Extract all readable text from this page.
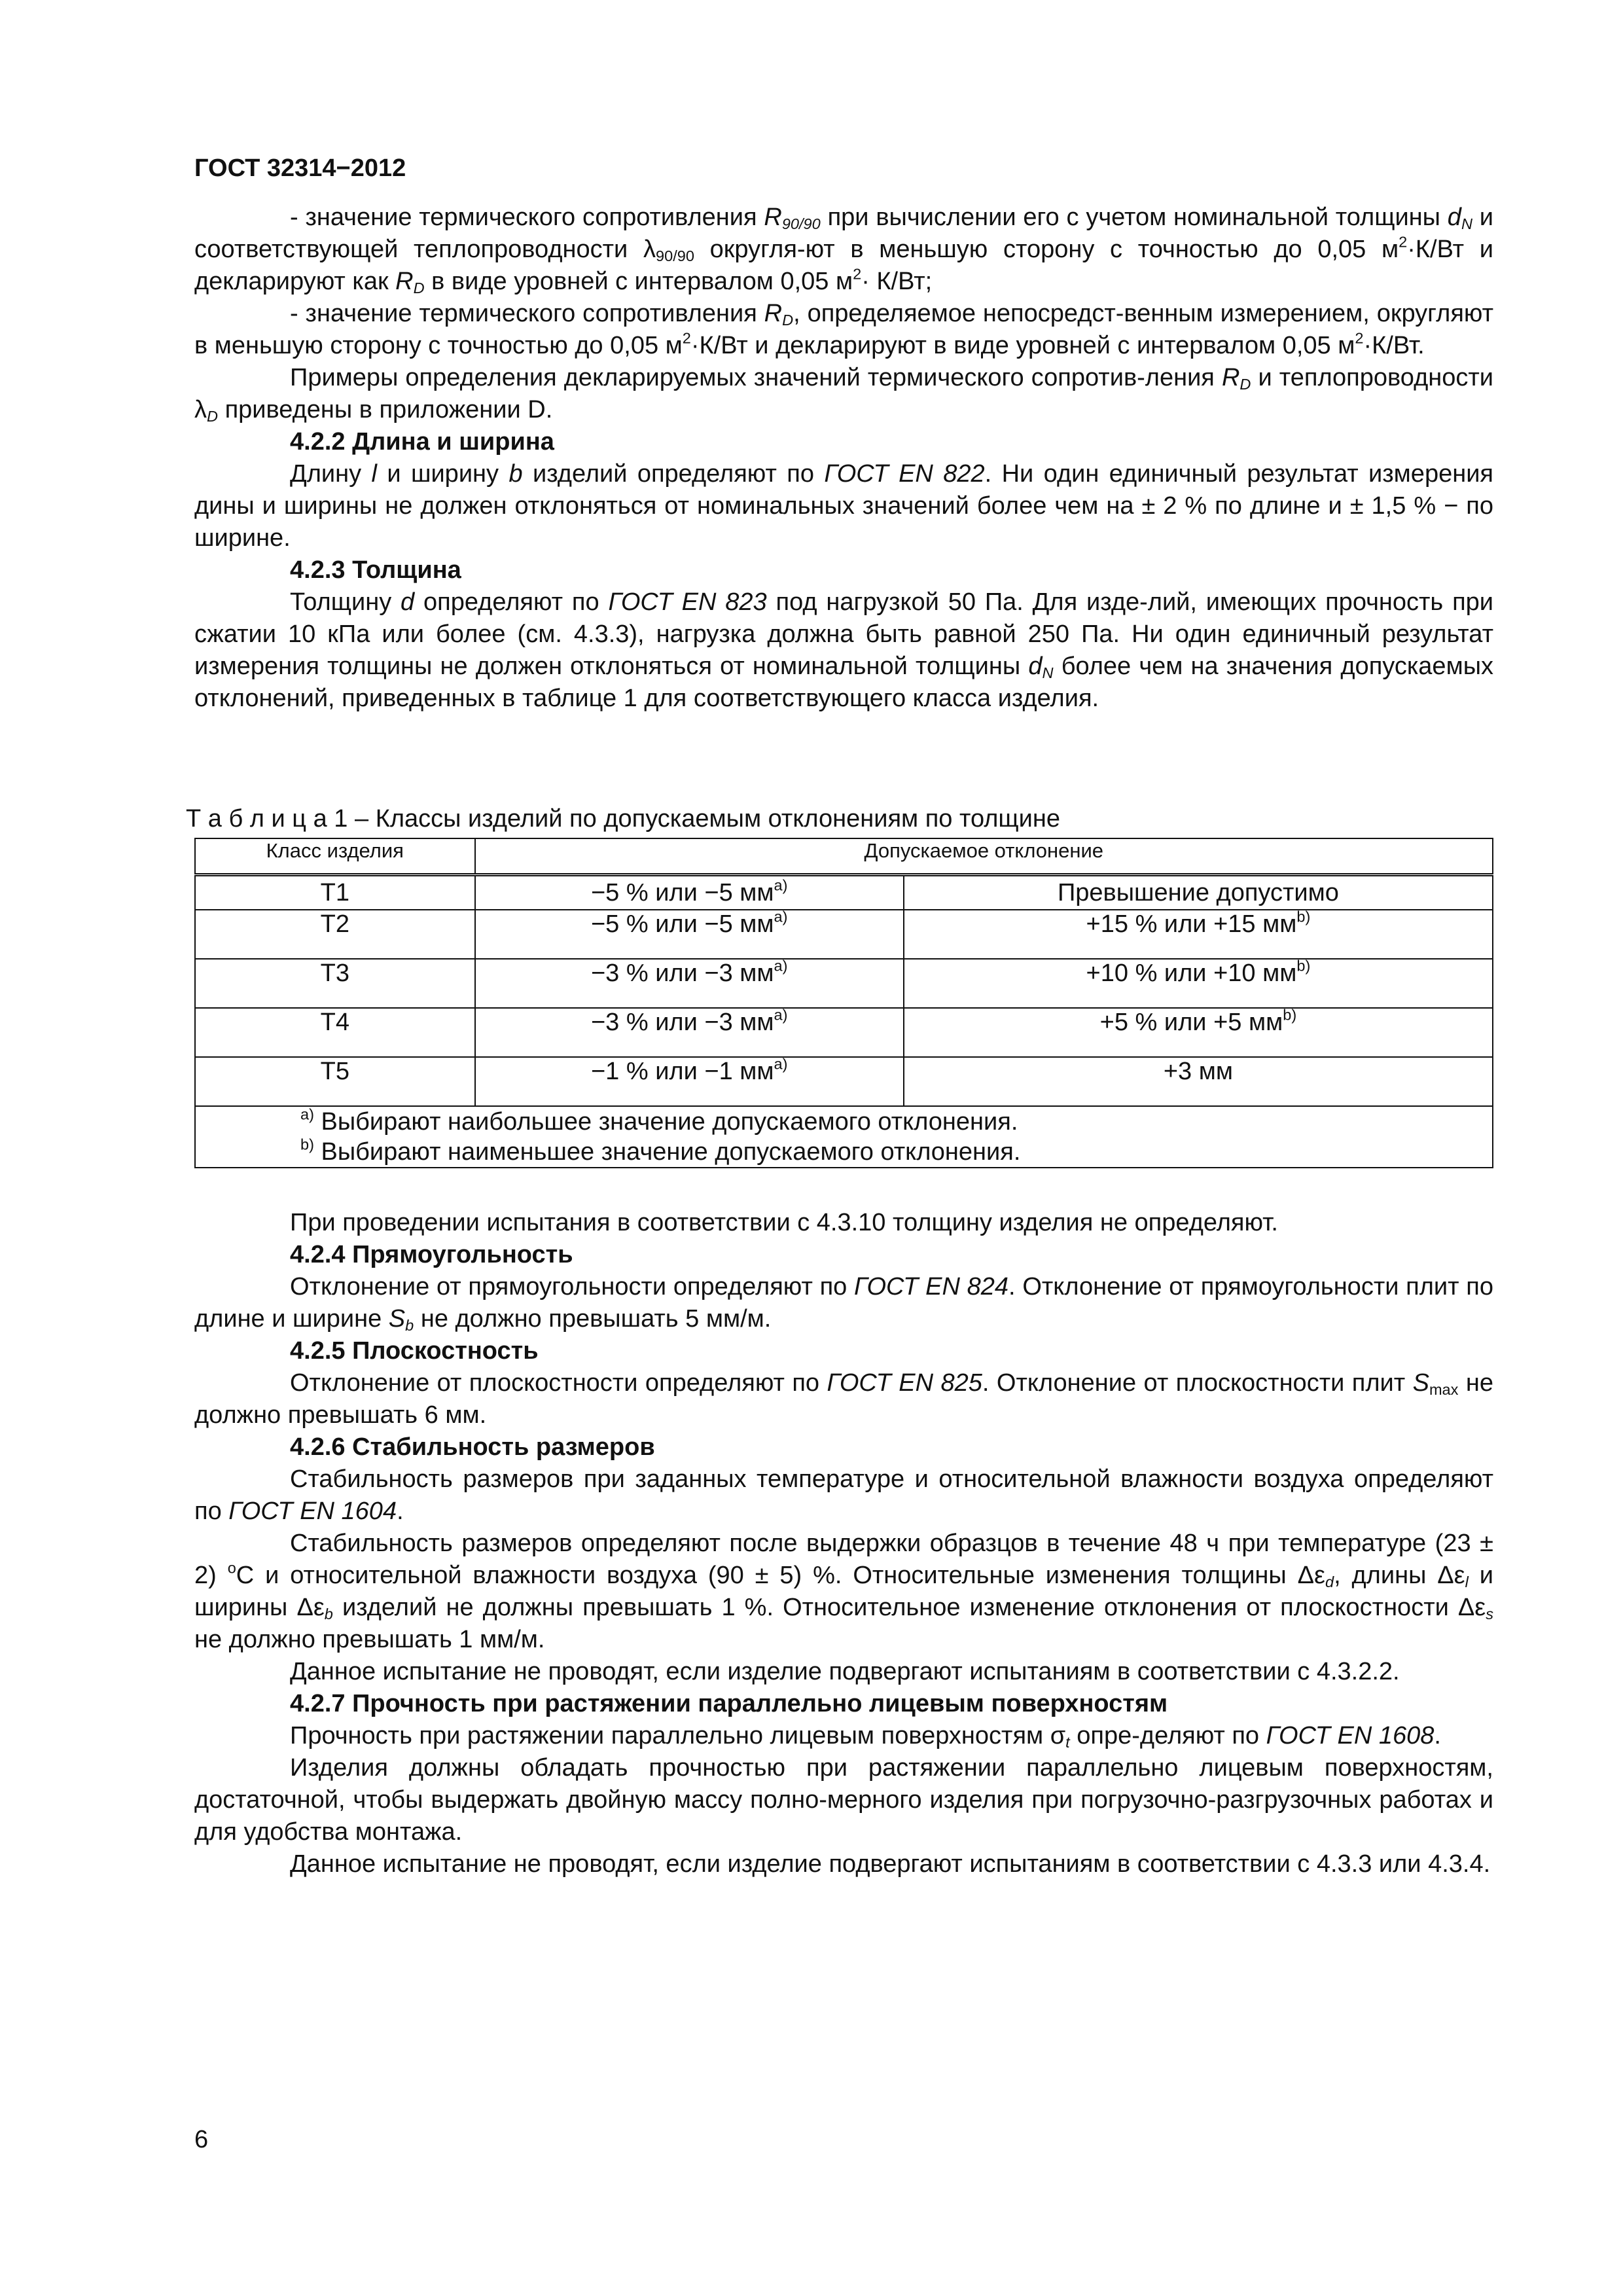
ГОСТ 32314−2012

- значение термического сопротивления $R_{90/90}$ при вычислении его с учетом номинальной толщины $d_N$ и соответствующей теплопроводности $\lambda_{90/90}$ округля-ют в меньшую сторону с точностью до 0,05 $м^2\cdot К/Вт$ и декларируют как $R_D$ в виде уровней с интервалом 0,05 $м^2\cdot К/Вт$;

- значение термического сопротивления $R_D$, определяемое непосредст-венным измерением, округляют в меньшую сторону с точностью до 0,05 $м^2\cdot К/Вт$ и декларируют в виде уровней с интервалом 0,05 $м^2\cdot К/Вт$.

Примеры определения декларируемых значений термического сопротив-ления $R_D$ и теплопроводности $\lambda_D$ приведены в приложении D.

4.2.2 Длина и ширина

Длину l и ширину b изделий определяют по ГОСТ EN 822. Ни один единичный результат измерения дины и ширины не должен отклоняться от номинальных значений более чем на ± 2 % по длине и ± 1,5 % − по ширине.

4.2.3 Толщина

Толщину d определяют по ГОСТ EN 823 под нагрузкой 50 Па. Для изде-лий, имеющих прочность при сжатии 10 кПа или более (см. 4.3.3), нагрузка должна быть равной 250 Па. Ни один единичный результат измерения толщины не должен отклоняться от номинальной толщины $d_N$ более чем на значения допускаемых отклонений, приведенных в таблице 1 для соответствующего класса изделия.

Т а б л и ц а 1 – Классы изделий по допускаемым отклонениям по толщине
Класс изделия	Допускаемое отклонение	
T1	−5 % или −5 $мм^{a)}$	Превышение допустимо
T2	−5 % или −5 $мм^{a)}$	+15 % или +15 $мм^{b)}$
T3	−3 % или −3 $мм^{a)}$	+10 % или +10 $мм^{b)}$
T4	−3 % или −3 $мм^{a)}$	+5 % или +5 $мм^{b)}$
T5	−1 % или −1 $мм^{a)}$	+3 мм

$^{a)}$ Выбирают наибольшее значение допускаемого отклонения.
$^{b)}$ Выбирают наименьшее значение допускаемого отклонения.		

При проведении испытания в соответствии с 4.3.10 толщину изделия не определяют.

4.2.4 Прямоугольность

Отклонение от прямоугольности определяют по ГОСТ EN 824. Отклонение от прямоугольности плит по длине и ширине $S_b$ не должно превышать 5 мм/м.

4.2.5 Плоскостность

Отклонение от плоскостности определяют по ГОСТ EN 825. Отклонение от плоскостности плит $S_{max}$ не должно превышать 6 мм.

4.2.6 Стабильность размеров

Стабильность размеров при заданных температуре и относительной влажности воздуха определяют по ГОСТ EN 1604.

Стабильность размеров определяют после выдержки образцов в течение 48 ч при температуре (23 ± 2) $^o$С и относительной влажности воздуха (90 ± 5) %. Относительные изменения толщины $\Delta\varepsilon_d$, длины $\Delta\varepsilon_l$ и ширины $\Delta\varepsilon_b$ изделий не должны превышать 1 %. Относительное изменение отклонения от плоскостности $\Delta\varepsilon_s$ не должно превышать 1 мм/м.

Данное испытание не проводят, если изделие подвергают испытаниям в соответствии с 4.3.2.2.

4.2.7 Прочность при растяжении параллельно лицевым поверхностям

Прочность при растяжении параллельно лицевым поверхностям $\sigma_t$ опре-деляют по ГОСТ EN 1608.

Изделия должны обладать прочностью при растяжении параллельно лицевым поверхностям, достаточной, чтобы выдержать двойную массу полно-мерного изделия при погрузочно-разгрузочных работах и для удобства монтажа.

Данное испытание не проводят, если изделие подвергают испытаниям в соответствии с 4.3.3 или 4.3.4.

6
